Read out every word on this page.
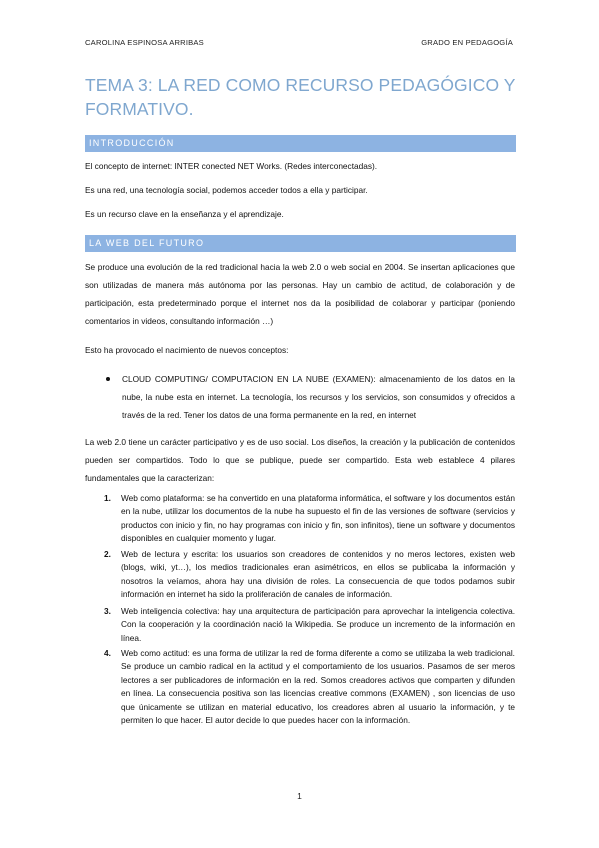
CAROLINA ESPINOSA ARRIBAS	GRADO EN PEDAGOGÍA
TEMA 3: LA RED COMO RECURSO PEDAGÓGICO Y FORMATIVO.
INTRODUCCIÓN

El concepto de internet: INTER conected NET Works. (Redes interconectadas).

Es una red, una tecnología social, podemos acceder todos a ella y participar.

Es un recurso clave en la enseñanza y el aprendizaje.

LA WEB DEL FUTURO

Se produce una evolución de la red tradicional hacia la web 2.0 o web social en 2004. Se insertan aplicaciones que son utilizadas de manera más autónoma por las personas. Hay un cambio de actitud, de colaboración y de participación, esta predeterminado porque el internet nos da la posibilidad de colaborar y participar (poniendo comentarios in videos, consultando información …)

Esto ha provocado el nacimiento de nuevos conceptos:

CLOUD COMPUTING/ COMPUTACION EN LA NUBE (EXAMEN): almacenamiento de los datos en la nube, la nube esta en internet. La tecnología, los recursos y los servicios, son consumidos y ofrecidos a través de la red. Tener los datos de una forma permanente en la red, en internet

La web 2.0 tiene un carácter participativo y es de uso social. Los diseños, la creación y la publicación de contenidos pueden ser compartidos. Todo lo que se publique, puede ser compartido. Esta web establece 4 pilares fundamentales que la caracterizan:

1. Web como plataforma: se ha convertido en una plataforma informática, el software y los documentos están en la nube, utilizar los documentos de la nube ha supuesto el fin de las versiones de software (servicios y productos con inicio y fin, no hay programas con inicio y fin, son infinitos), tiene un software y documentos disponibles en cualquier momento y lugar.
2. Web de lectura y escrita: los usuarios son creadores de contenidos y no meros lectores, existen web (blogs, wiki, yt…), los medios tradicionales eran asimétricos, en ellos se publicaba la información y nosotros la veíamos, ahora hay una división de roles. La consecuencia de que todos podamos subir información en internet ha sido la proliferación de canales de información.
3. Web inteligencia colectiva: hay una arquitectura de participación para aprovechar la inteligencia colectiva. Con la cooperación y la coordinación nació la Wikipedia. Se produce un incremento de la información en línea.
4. Web como actitud: es una forma de utilizar la red de forma diferente a como se utilizaba la web tradicional. Se produce un cambio radical en la actitud y el comportamiento de los usuarios. Pasamos de ser meros lectores a ser publicadores de información en la red. Somos creadores activos que comparten y difunden en línea. La consecuencia positiva son las licencias creative commons (EXAMEN) , son licencias de uso que únicamente se utilizan en material educativo, los creadores abren al usuario la información, y te permiten lo que hacer. El autor decide lo que puedes hacer con la información.
1
